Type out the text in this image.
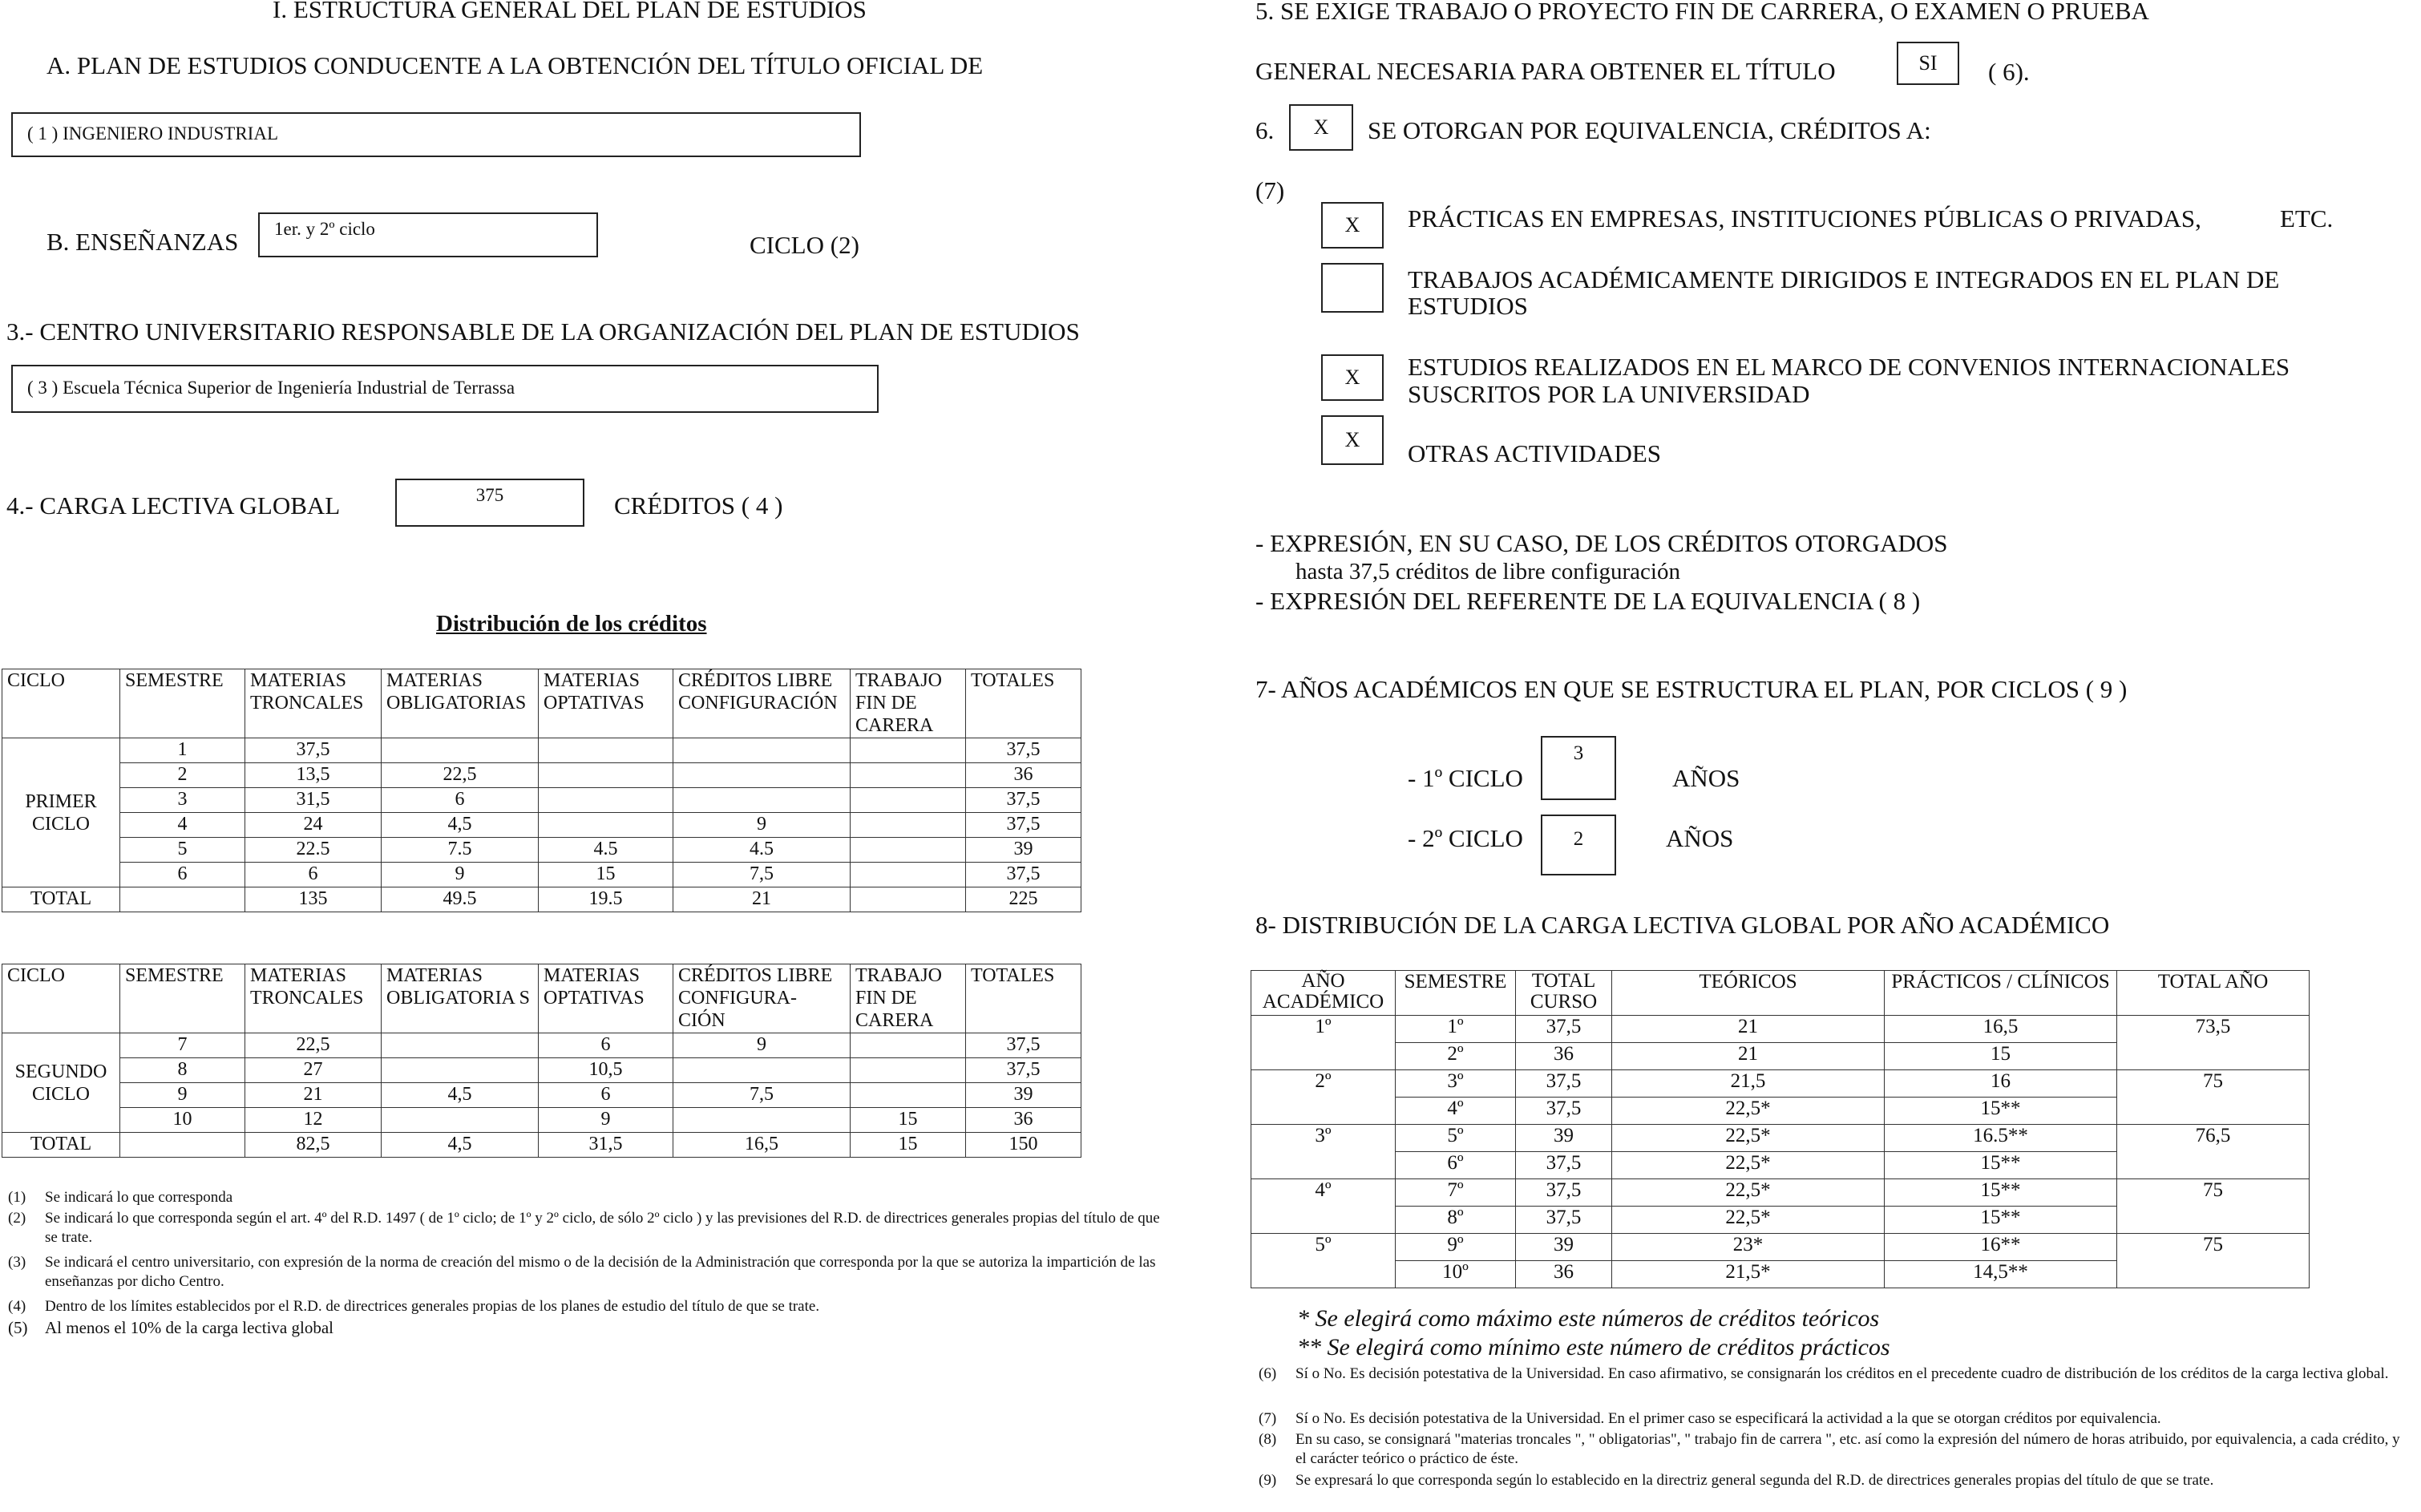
I. ESTRUCTURA GENERAL DEL PLAN DE ESTUDIOS
A. PLAN DE ESTUDIOS CONDUCENTE A LA OBTENCIÓN DEL TÍTULO OFICIAL DE
( 1 ) INGENIERO INDUSTRIAL
B. ENSEÑANZAS	1er. y 2º ciclo
CICLO (2)
3.- CENTRO UNIVERSITARIO RESPONSABLE DE LA ORGANIZACIÓN DEL PLAN DE ESTUDIOS
( 3 ) Escuela Técnica Superior de Ingeniería Industrial de Terrassa
4.- CARGA LECTIVA GLOBAL	375	CRÉDITOS ( 4 )
Distribución de los créditos
CICLO	SEMESTRE	MATERIAS TRONCALES	MATERIAS OBLIGATORIAS	MATERIAS OPTATIVAS	CRÉDITOS LIBRE CONFIGURACIÓN	TRABAJO FIN DE CARERA	TOTALES
PRIMER CICLO	1	37,5					37,5
	2	13,5	22,5				36
	3	31,5	6				37,5
	4	24	4,5		9		37,5
	5	22.5	7.5	4.5	4.5		39
	6	6	9	15	7,5		37,5
TOTAL		135	49.5	19.5	21		225
CICLO	SEMESTRE	MATERIAS TRONCALES	MATERIAS OBLIGATORIA S	MATERIAS OPTATIVAS	CRÉDITOS LIBRE CONFIGURA- CIÓN	TRABAJO FIN DE CARERA	TOTALES
SEGUNDO CICLO	7	22,5		6	9		37,5
	8	27		10,5			37,5
	9	21	4,5	6	7,5		39
	10	12		9		15	36
TOTAL		82,5	4,5	31,5	16,5	15	150
(1) Se indicará lo que corresponda
(2) Se indicará lo que corresponda según el art. 4º del R.D. 1497 ( de 1º ciclo; de 1º y 2º ciclo, de sólo 2º ciclo ) y las previsiones del R.D. de directrices generales propias del título de que se trate.
(3) Se indicará el centro universitario, con expresión de la norma de creación del mismo o de la decisión de la Administración que corresponda por la que se autoriza la impartición de las enseñanzas por dicho Centro.
(4) Dentro de los límites establecidos por el R.D. de directrices generales propias de los planes de estudio del título de que se trate.
(5) Al menos el 10% de la carga lectiva global
5. SE EXIGE TRABAJO O PROYECTO FIN DE CARRERA, O EXAMEN O PRUEBA
GENERAL NECESARIA PARA OBTENER EL TÍTULO	SI	( 6).
6.	X	SE OTORGAN POR EQUIVALENCIA, CRÉDITOS A:
(7)
X	PRÁCTICAS EN EMPRESAS, INSTITUCIONES PÚBLICAS O PRIVADAS,	ETC.
TRABAJOS ACADÉMICAMENTE DIRIGIDOS E INTEGRADOS EN EL PLAN DE
ESTUDIOS
X	ESTUDIOS REALIZADOS EN EL MARCO DE CONVENIOS INTERNACIONALES
SUSCRITOS POR LA UNIVERSIDAD
X	OTRAS ACTIVIDADES
- EXPRESIÓN, EN SU CASO, DE LOS CRÉDITOS OTORGADOS
hasta 37,5 créditos de libre configuración
- EXPRESIÓN DEL REFERENTE DE LA EQUIVALENCIA ( 8 )
7- AÑOS ACADÉMICOS EN QUE SE ESTRUCTURA EL PLAN, POR CICLOS ( 9 )
- 1º CICLO
3
AÑOS
- 2º CICLO	2	AÑOS
8- DISTRIBUCIÓN DE LA CARGA LECTIVA GLOBAL POR AÑO ACADÉMICO
AÑO ACADÉMICO	SEMESTRE	TOTAL CURSO	TEÓRICOS	PRÁCTICOS / CLÍNICOS	TOTAL AÑO
1º	1º	37,5	21	16,5	73,5
	2º	36	21	15	
2º	3º	37,5	21,5	16	75
	4º	37,5	22,5*	15**	
3º	5º	39	22,5*	16.5**	76,5
	6º	37,5	22,5*	15**	
4º	7º	37,5	22,5*	15**	75
	8º	37,5	22,5*	15**	
5º	9º	39	23*	16**	75
	10º	36	21,5*	14,5**	
* Se elegirá como máximo este números de créditos teóricos
** Se elegirá como mínimo este número de créditos prácticos
(6) Sí o No. Es decisión potestativa de la Universidad. En caso afirmativo, se consignarán los créditos en el precedente cuadro de distribución de los créditos de la carga lectiva global.
(7) Sí o No. Es decisión potestativa de la Universidad. En el primer caso se especificará la actividad a la que se otorgan créditos por equivalencia.
(8) En su caso, se consignará "materias troncales ", " obligatorias", " trabajo fin de carrera ", etc. así como la expresión del número de horas atribuido, por equivalencia, a cada crédito, y el carácter teórico o práctico de éste.
(9) Se expresará lo que corresponda según lo establecido en la directriz general segunda del R.D. de directrices generales propias del título de que se trate.
